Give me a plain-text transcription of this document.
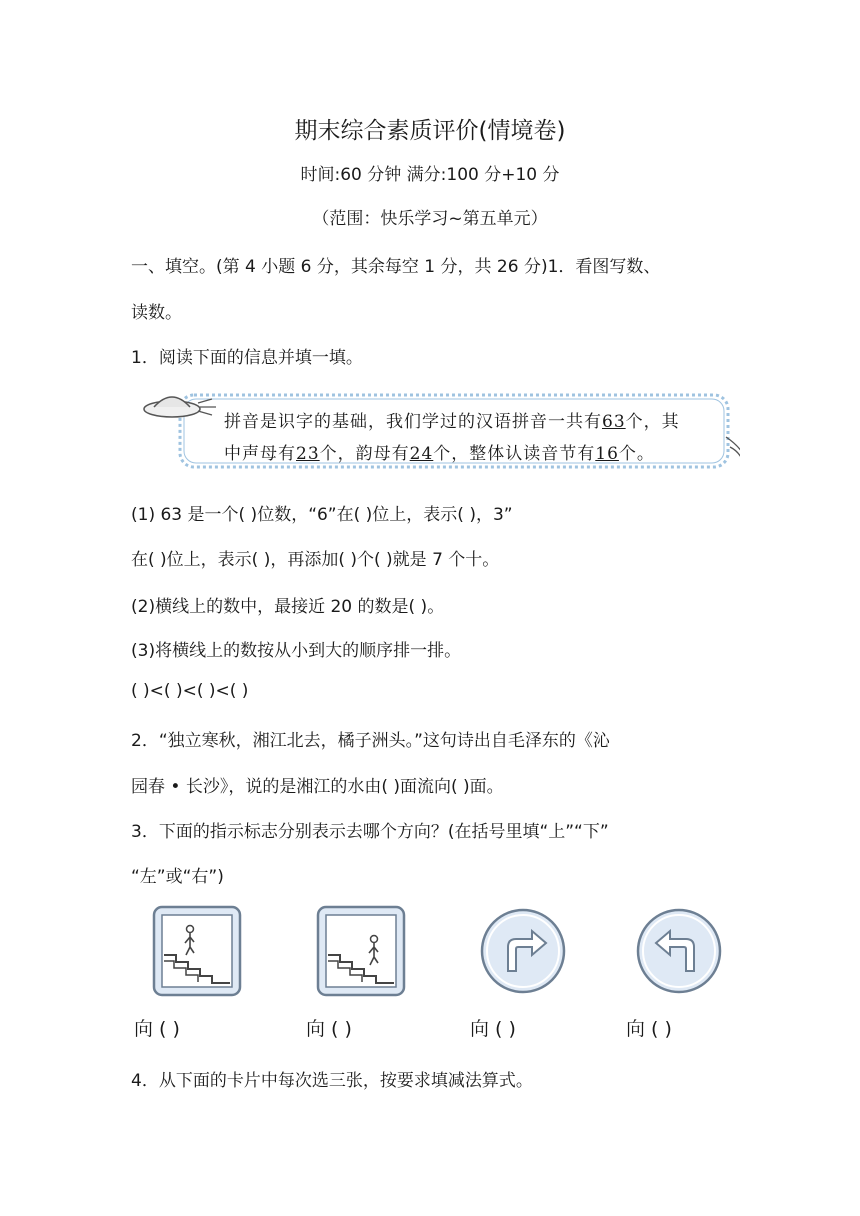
期末综合素质评价(情境卷)
时间:60 分钟 满分:100 分+10 分
（范围：快乐学习~第五单元）
一、填空。(第 4 小题 6 分，其余每空 1 分，共 26 分)1．看图写数、
读数。
1．阅读下面的信息并填一填。
拼音是识字的基础，我们学过的汉语拼音一共有63个，其
中声母有23个，韵母有24个，整体认读音节有16个。
(1) 63 是一个( )位数，“6”在( )位上，表示( )，3”
在( )位上，表示( )，再添加( )个( )就是 7 个十。
(2)横线上的数中，最接近 20 的数是( )。
(3)将横线上的数按从小到大的顺序排一排。
( )<( )<( )<( )
2．“独立寒秋，湘江北去，橘子洲头。”这句诗出自毛泽东的《沁
园春 • 长沙》，说的是湘江的水由( )面流向( )面。
3．下面的指示标志分别表示去哪个方向？(在括号里填“上”“下”
“左”或“右”)
向 ( )	向 ( )	向 ( )	向 ( )
4．从下面的卡片中每次选三张，按要求填减法算式。
